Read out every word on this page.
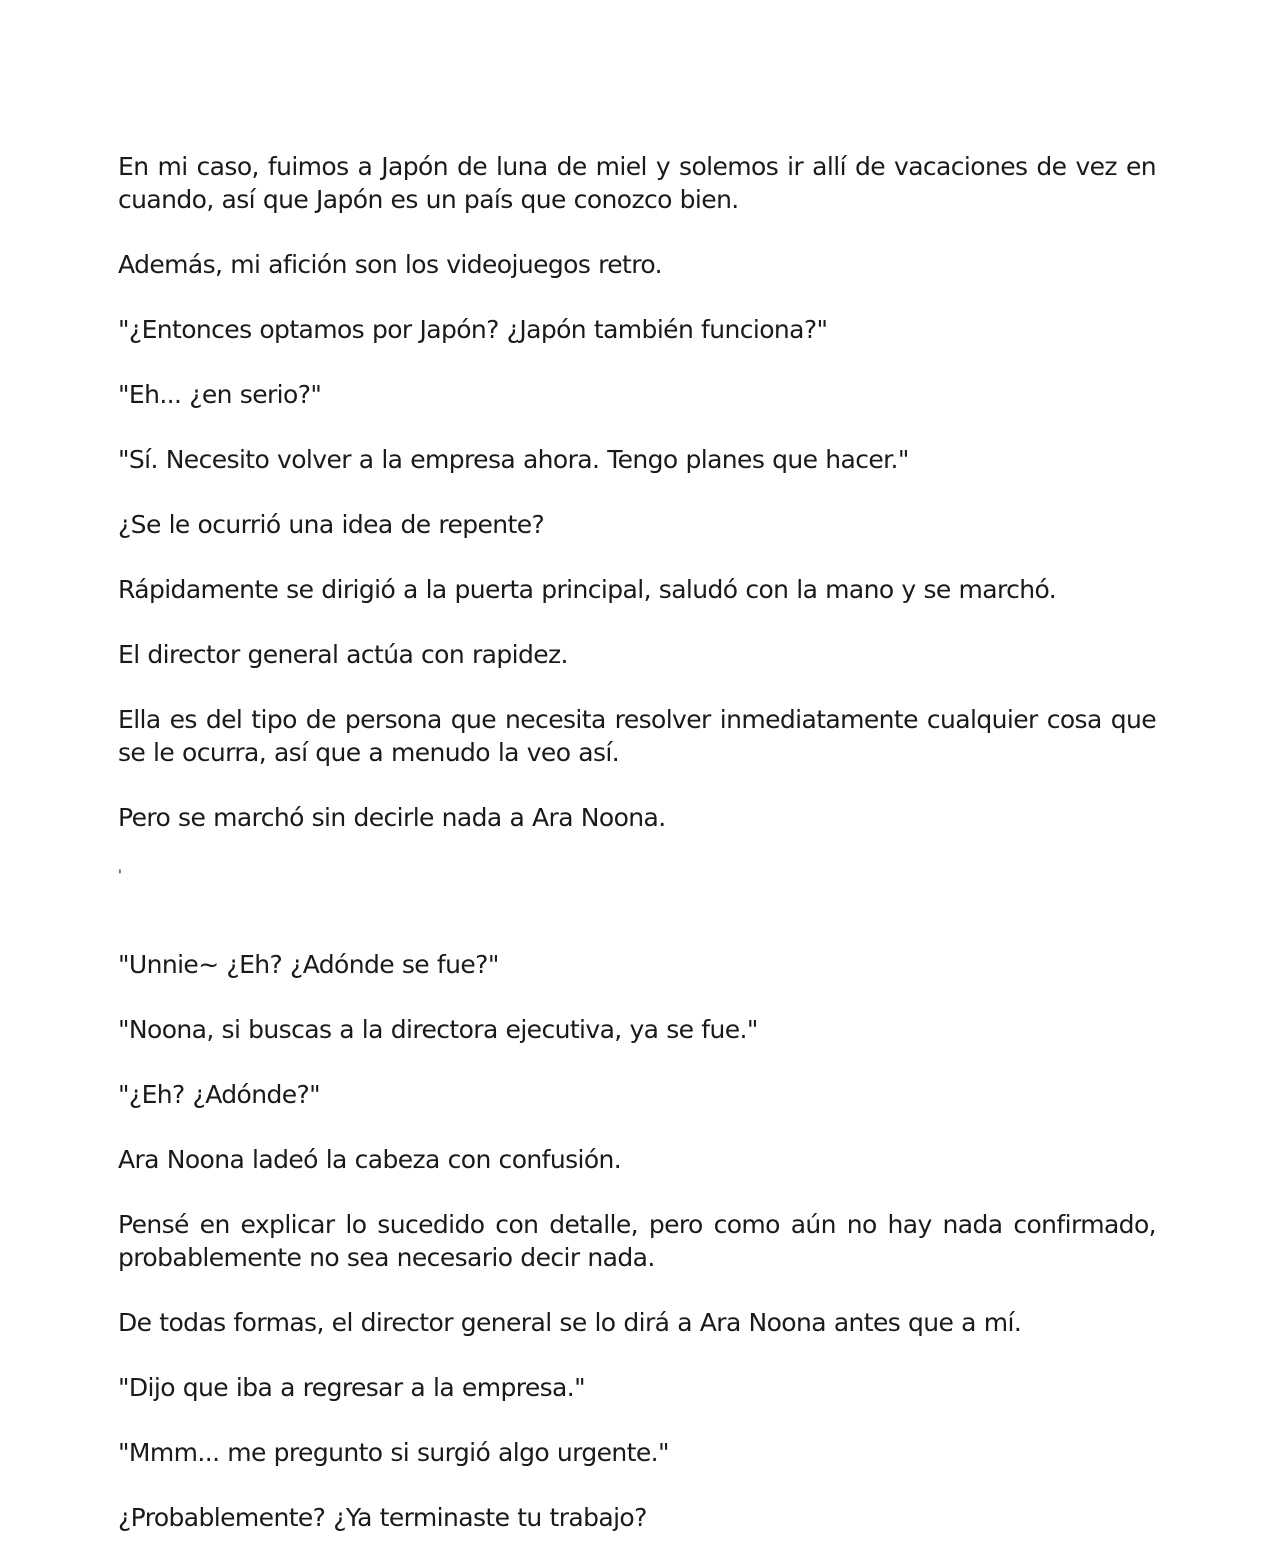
En mi caso, fuimos a Japón de luna de miel y solemos ir allí de vacaciones de vez en cuando, así que Japón es un país que conozco bien.

Además, mi afición son los videojuegos retro.

"¿Entonces optamos por Japón? ¿Japón también funciona?"

"Eh... ¿en serio?"

"Sí. Necesito volver a la empresa ahora. Tengo planes que hacer."

¿Se le ocurrió una idea de repente?

Rápidamente se dirigió a la puerta principal, saludó con la mano y se marchó.

El director general actúa con rapidez.

Ella es del tipo de persona que necesita resolver inmediatamente cualquier cosa que se le ocurra, así que a menudo la veo así.

Pero se marchó sin decirle nada a Ara Noona.

'

"Unnie~ ¿Eh? ¿Adónde se fue?"

"Noona, si buscas a la directora ejecutiva, ya se fue."

"¿Eh? ¿Adónde?"

Ara Noona ladeó la cabeza con confusión.

Pensé en explicar lo sucedido con detalle, pero como aún no hay nada confirmado, probablemente no sea necesario decir nada.

De todas formas, el director general se lo dirá a Ara Noona antes que a mí.

"Dijo que iba a regresar a la empresa."

"Mmm... me pregunto si surgió algo urgente."

¿Probablemente? ¿Ya terminaste tu trabajo?
